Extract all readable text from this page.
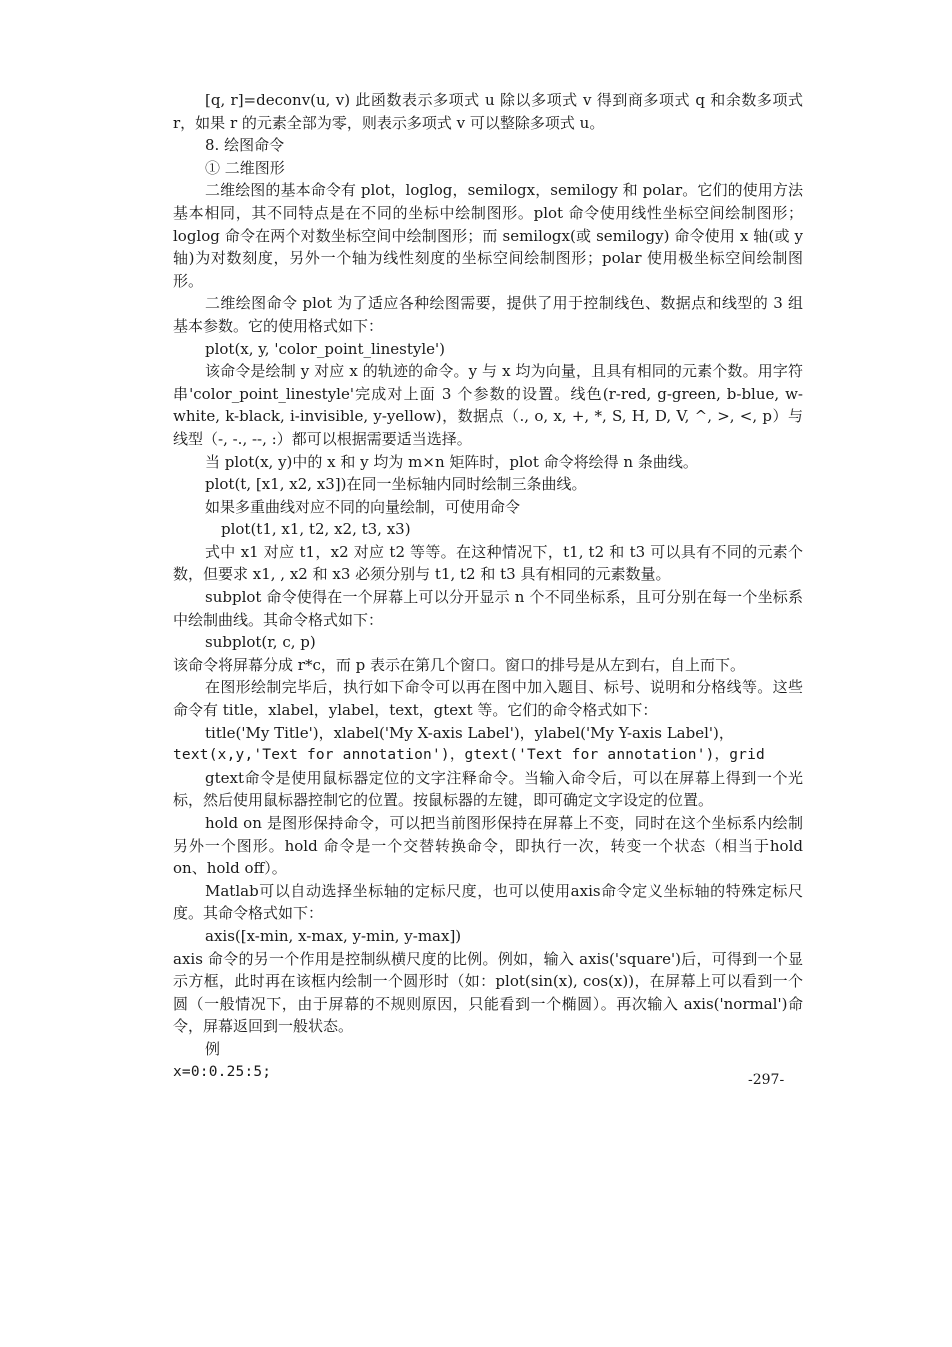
[q, r]=deconv(u, v) 此函数表示多项式 u 除以多项式 v 得到商多项式 q 和余数多项式 r，如果 r 的元素全部为零，则表示多项式 v 可以整除多项式 u。

8. 绘图命令

① 二维图形

二维绘图的基本命令有 plot，loglog，semilogx，semilogy 和 polar。它们的使用方法基本相同，其不同特点是在不同的坐标中绘制图形。plot 命令使用线性坐标空间绘制图形；loglog 命令在两个对数坐标空间中绘制图形；而 semilogx(或 semilogy) 命令使用 x 轴(或 y 轴)为对数刻度，另外一个轴为线性刻度的坐标空间绘制图形；polar 使用极坐标空间绘制图形。

二维绘图命令 plot 为了适应各种绘图需要，提供了用于控制线色、数据点和线型的 3 组基本参数。它的使用格式如下：

plot(x, y, 'color_point_linestyle')

该命令是绘制 y 对应 x 的轨迹的命令。y 与 x 均为向量，且具有相同的元素个数。用字符串'color_point_linestyle'完成对上面 3 个参数的设置。线色(r-red, g-green, b-blue, w-white, k-black, i-invisible, y-yellow)，数据点（., o, x, +, *, S, H, D, V, ^, >, <, p）与线型（-, -., --, :）都可以根据需要适当选择。

当 plot(x, y)中的 x 和 y 均为 m×n 矩阵时，plot 命令将绘得 n 条曲线。

plot(t, [x1, x2, x3])在同一坐标轴内同时绘制三条曲线。

如果多重曲线对应不同的向量绘制，可使用命令

plot(t1, x1, t2, x2, t3, x3)

式中 x1 对应 t1，x2 对应 t2 等等。在这种情况下，t1, t2 和 t3 可以具有不同的元素个数，但要求 x1, , x2 和 x3 必须分别与 t1, t2 和 t3 具有相同的元素数量。

subplot 命令使得在一个屏幕上可以分开显示 n 个不同坐标系，且可分别在每一个坐标系中绘制曲线。其命令格式如下：

subplot(r, c, p)

该命令将屏幕分成 r*c，而 p 表示在第几个窗口。窗口的排号是从左到右，自上而下。

在图形绘制完毕后，执行如下命令可以再在图中加入题目、标号、说明和分格线等。这些命令有 title，xlabel，ylabel，text，gtext 等。它们的命令格式如下：

title('My Title')，xlabel('My X-axis Label')，ylabel('My Y-axis Label')，

text(x,y,'Text for annotation')，gtext('Text for annotation')，grid

gtext命令是使用鼠标器定位的文字注释命令。当输入命令后，可以在屏幕上得到一个光标，然后使用鼠标器控制它的位置。按鼠标器的左键，即可确定文字设定的位置。

hold on 是图形保持命令，可以把当前图形保持在屏幕上不变，同时在这个坐标系内绘制另外一个图形。hold 命令是一个交替转换命令，即执行一次，转变一个状态（相当于hold on、hold off）。

Matlab可以自动选择坐标轴的定标尺度，也可以使用axis命令定义坐标轴的特殊定标尺度。其命令格式如下：

axis([x-min, x-max, y-min, y-max])

axis 命令的另一个作用是控制纵横尺度的比例。例如，输入 axis('square')后，可得到一个显示方框，此时再在该框内绘制一个圆形时（如：plot(sin(x), cos(x))，在屏幕上可以看到一个圆（一般情况下，由于屏幕的不规则原因，只能看到一个椭圆）。再次输入 axis('normal')命令，屏幕返回到一般状态。

例

x=0:0.25:5;

-297-
